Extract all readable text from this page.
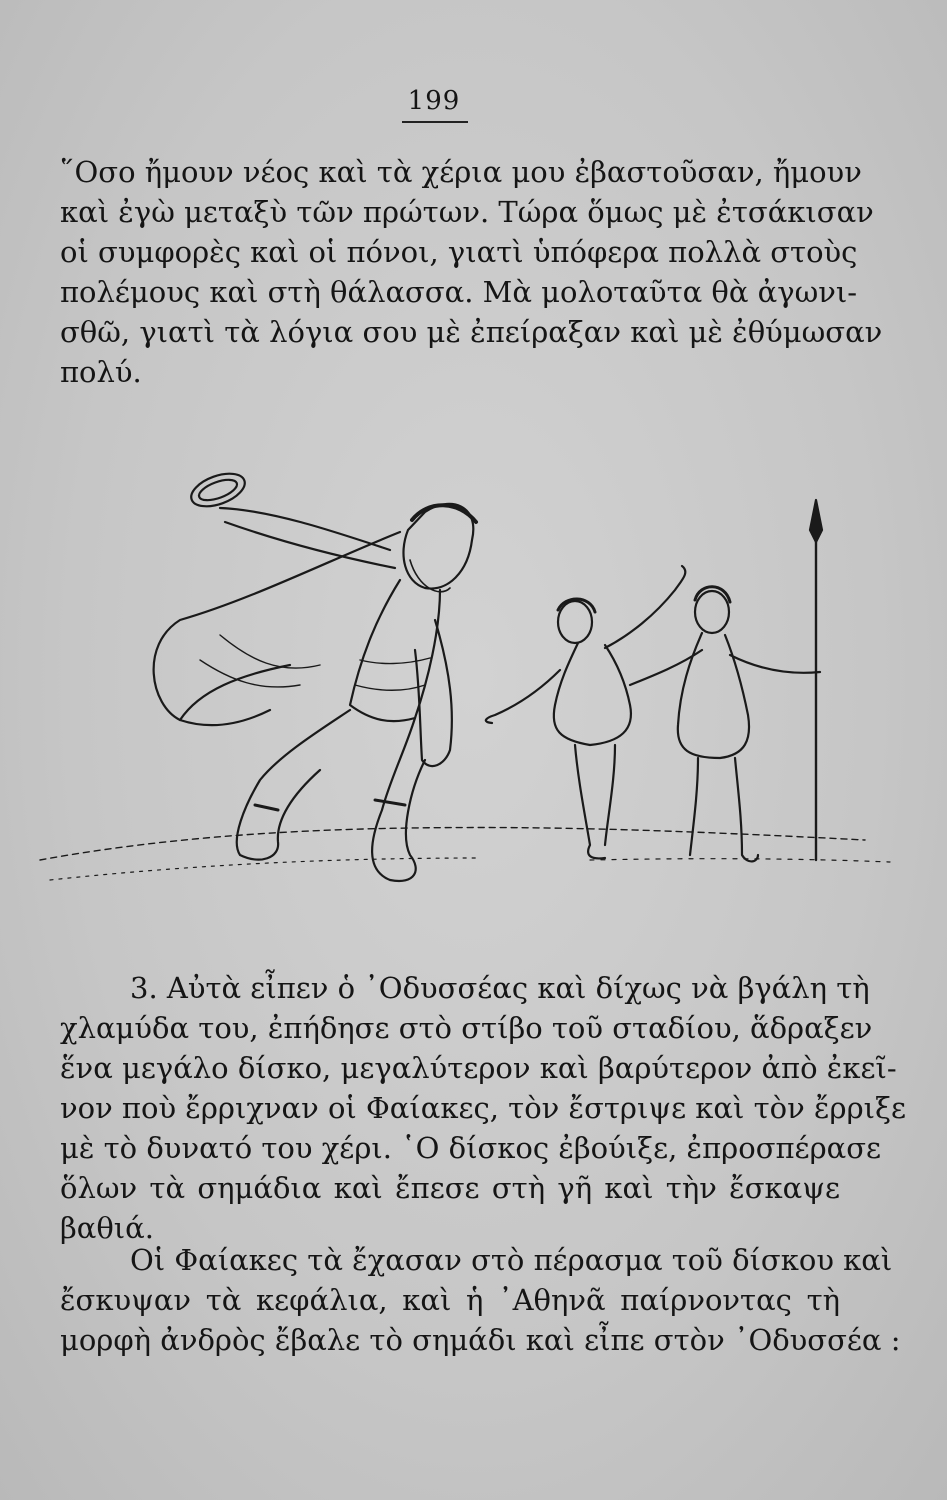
199
῞Οσο ἤμουν νέος καὶ τὰ χέρια μου ἐβαστοῦσαν, ἤμουν
καὶ ἐγὼ μεταξὺ τῶν πρώτων. Τώρα ὅμως μὲ ἐτσάκισαν
οἱ συμφορὲς καὶ οἱ πόνοι, γιατὶ ὑπόφερα πολλὰ στοὺς
πολέμους καὶ στὴ θάλασσα. Μὰ μολοταῦτα θὰ ἀγωνι-
σθῶ, γιατὶ τὰ λόγια σου μὲ ἐπείραξαν καὶ μὲ ἐθύμωσαν
πολύ.
3. Αὐτὰ εἶπεν ὁ ᾿Οδυσσέας καὶ δίχως νὰ βγάλη τὴ
χλαμύδα του, ἐπήδησε στὸ στίβο τοῦ σταδίου, ἅδραξεν
ἕνα μεγάλο δίσκο, μεγαλύτερον καὶ βαρύτερον ἀπὸ ἐκεῖ-
νον ποὺ ἔρριχναν οἱ Φαίακες, τὸν ἔστριψε καὶ τὸν ἔρριξε
μὲ τὸ δυνατό του χέρι. ῾Ο δίσκος ἐβούιξε, ἐπροσπέρασε
ὅλων τὰ σημάδια καὶ ἔπεσε στὴ γῆ καὶ τὴν ἔσκαψε
βαθιά.
Οἱ Φαίακες τὰ ἔχασαν στὸ πέρασμα τοῦ δίσκου καὶ
ἔσκυψαν τὰ κεφάλια, καὶ ἡ ᾿Αθηνᾶ παίρνοντας τὴ
μορφὴ ἀνδρὸς ἔβαλε τὸ σημάδι καὶ εἶπε στὸν ᾿Οδυσσέα :
